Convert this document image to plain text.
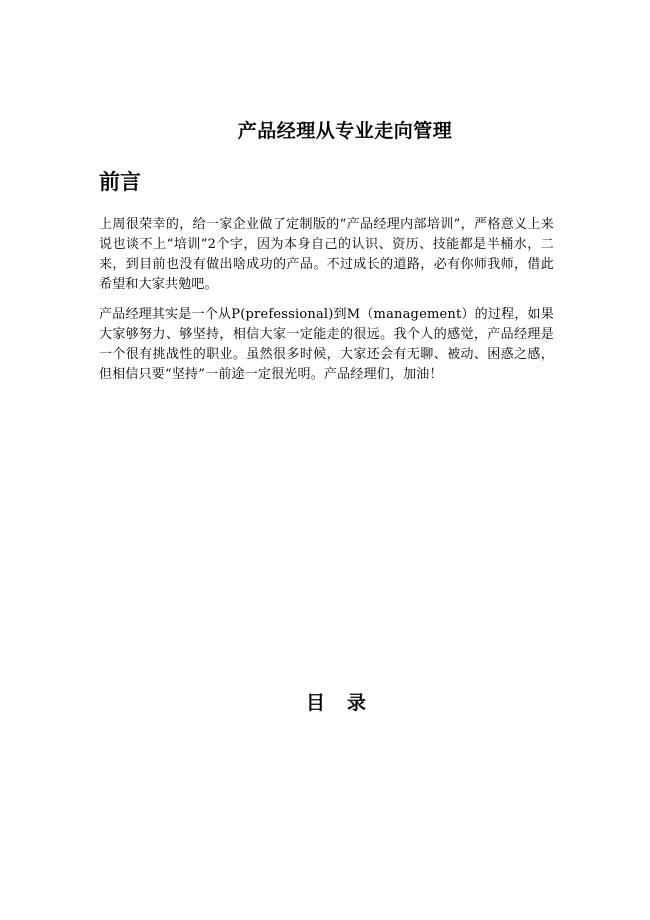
产品经理从专业走向管理
前言

上周很荣幸的，给一家企业做了定制版的“产品经理内部培训”，严格意义上来说也谈不上“培训”2个字，因为本身自己的认识、资历、技能都是半桶水，二来，到目前也没有做出啥成功的产品。不过成长的道路，必有你师我师，借此希望和大家共勉吧。

产品经理其实是一个从P(prefessional)到M（management）的过程，如果大家够努力、够坚持，相信大家一定能走的很远。我个人的感觉，产品经理是一个很有挑战性的职业。虽然很多时候，大家还会有无聊、被动、困惑之感，但相信只要“坚持”一前途一定很光明。产品经理们，加油！

目录
